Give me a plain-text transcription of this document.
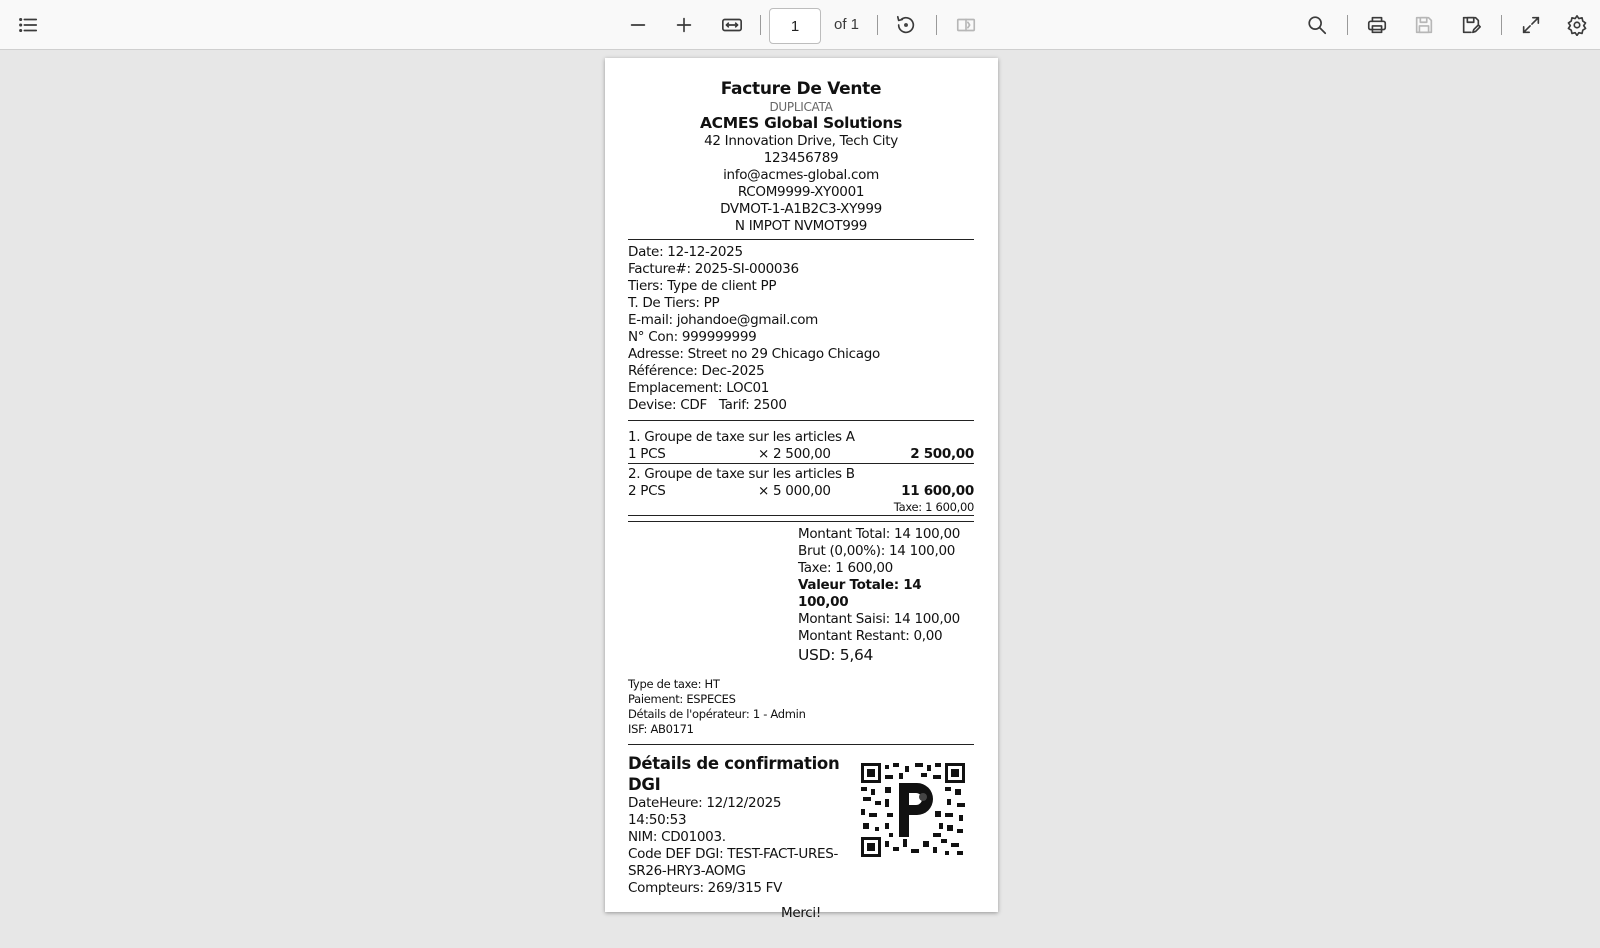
1
of 1
Facture De Vente
DUPLICATA
ACMES Global Solutions
42 Innovation Drive, Tech City
123456789
info@acmes-global.com
RCOM9999-XY0001
DVMOT-1-A1B2C3-XY999
N IMPOT NVMOT999
Date: 12-12-2025
Facture#: 2025-SI-000036
Tiers: Type de client PP
T. De Tiers: PP
E-mail: johandoe@gmail.com
N° Con: 999999999
Adresse: Street no 29 Chicago Chicago
Référence: Dec-2025
Emplacement: LOC01
Devise: CDF   Tarif: 2500
1. Groupe de taxe sur les articles A
1 PCS	× 2 500,00	2 500,00
2. Groupe de taxe sur les articles B
2 PCS	× 5 000,00	11 600,00
Taxe: 1 600,00
Montant Total: 14 100,00
Brut (0,00%): 14 100,00
Taxe: 1 600,00
Valeur Totale: 14 100,00
Montant Saisi: 14 100,00
Montant Restant: 0,00
USD: 5,64
Type de taxe: HT
Paiement: ESPECES
Détails de l'opérateur: 1 - Admin
ISF: AB0171
Détails de confirmation DGI
DateHeure: 12/12/2025 14:50:53
NIM: CD01003.
Code DEF DGI: TEST-FACT-URES-SR26-HRY3-AOMG
Compteurs: 269/315 FV
Merci!
